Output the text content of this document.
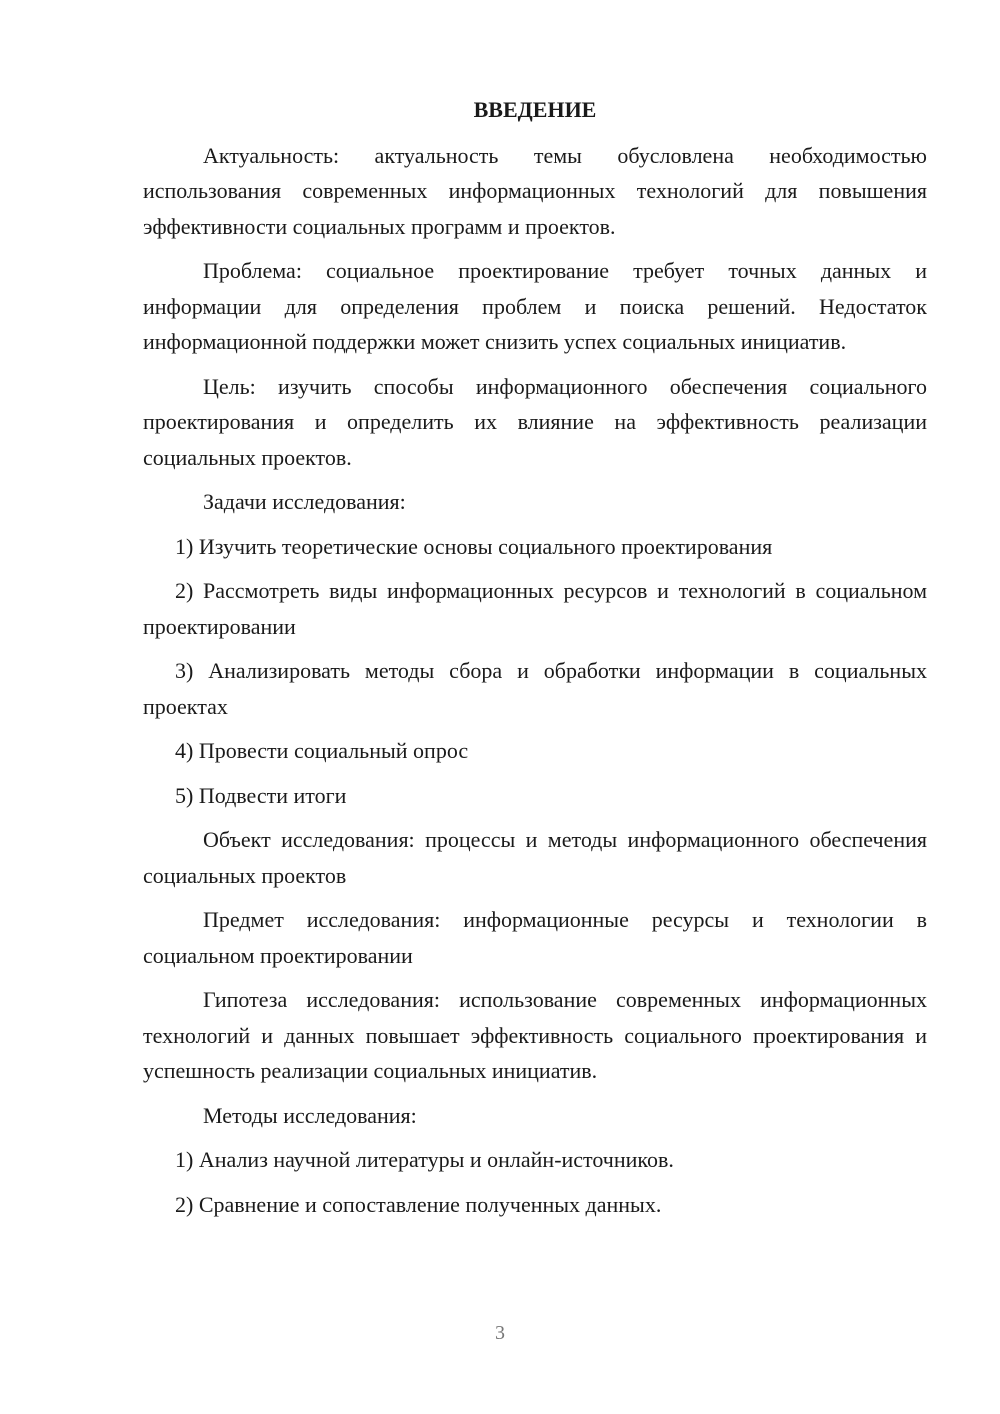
ВВЕДЕНИЕ

Актуальность: актуальность темы обусловлена необходимостью использования современных информационных технологий для повышения эффективности социальных программ и проектов.

Проблема: социальное проектирование требует точных данных и информации для определения проблем и поиска решений. Недостаток информационной поддержки может снизить успех социальных инициатив.

Цель: изучить способы информационного обеспечения социального проектирования и определить их влияние на эффективность реализации социальных проектов.

Задачи исследования:

1) Изучить теоретические основы социального проектирования

2) Рассмотреть виды информационных ресурсов и технологий в социальном проектировании

3) Анализировать методы сбора и обработки информации в социальных проектах

4) Провести социальный опрос

5) Подвести итоги

Объект исследования: процессы и методы информационного обеспечения социальных проектов

Предмет исследования: информационные ресурсы и технологии в социальном проектировании

Гипотеза исследования: использование современных информационных технологий и данных повышает эффективность социального проектирования и успешность реализации социальных инициатив.

Методы исследования:

1) Анализ научной литературы и онлайн-источников.

2) Сравнение и сопоставление полученных данных.

3
